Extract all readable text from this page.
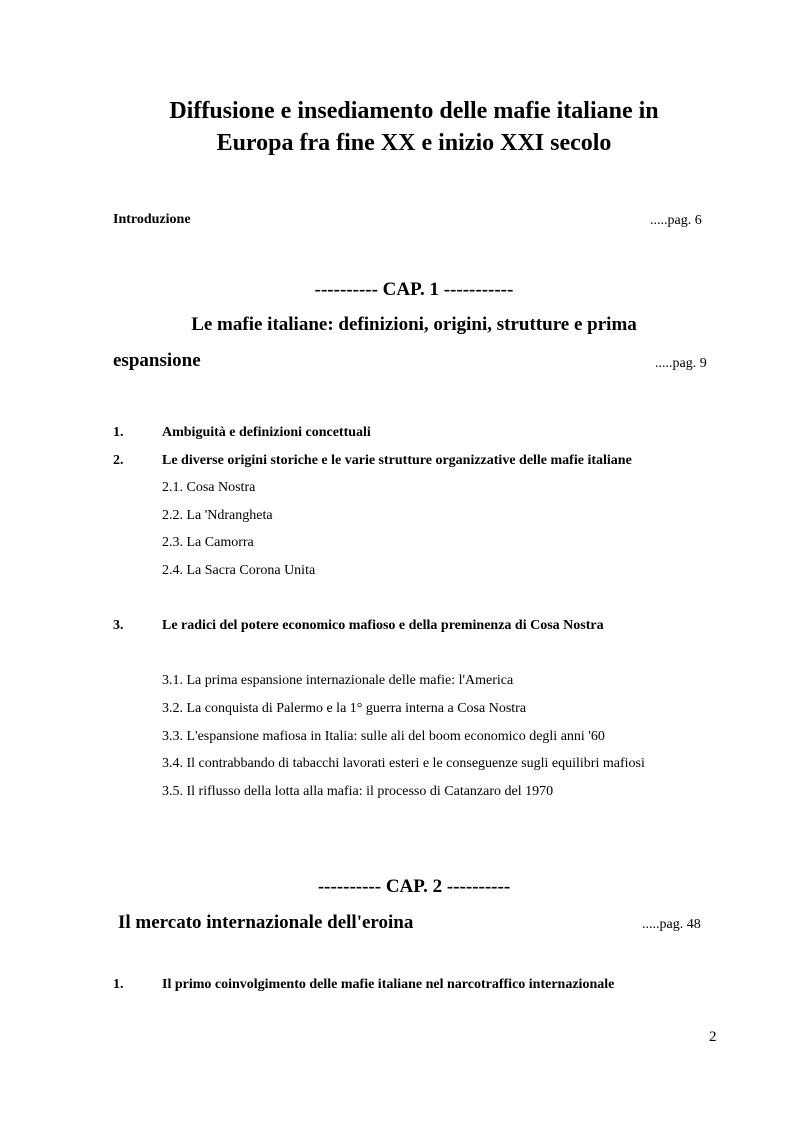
Diffusione e insediamento delle mafie italiane in
Europa fra fine XX e inizio XXI secolo
Introduzione	.....pag. 6
---------- CAP. 1 -----------
Le mafie italiane: definizioni, origini, strutture e prima
espansione	.....pag. 9
1.	Ambiguità e definizioni concettuali
2.	Le diverse origini storiche e le varie strutture organizzative delle mafie italiane
2.1. Cosa Nostra
2.2. La 'Ndrangheta
2.3. La Camorra
2.4. La Sacra Corona Unita
3.	Le radici del potere economico mafioso e della preminenza di Cosa Nostra
3.1. La prima espansione internazionale delle mafie: l'America
3.2. La conquista di Palermo e la 1° guerra interna a Cosa Nostra
3.3. L'espansione mafiosa in Italia: sulle ali del boom economico degli anni '60
3.4. Il contrabbando di tabacchi lavorati esteri e le conseguenze sugli equilibri mafiosi
3.5. Il riflusso della lotta alla mafia: il processo di Catanzaro del 1970
---------- CAP. 2 ----------
Il mercato internazionale dell'eroina	.....pag. 48
1.	Il primo coinvolgimento delle mafie italiane nel narcotraffico internazionale
2
